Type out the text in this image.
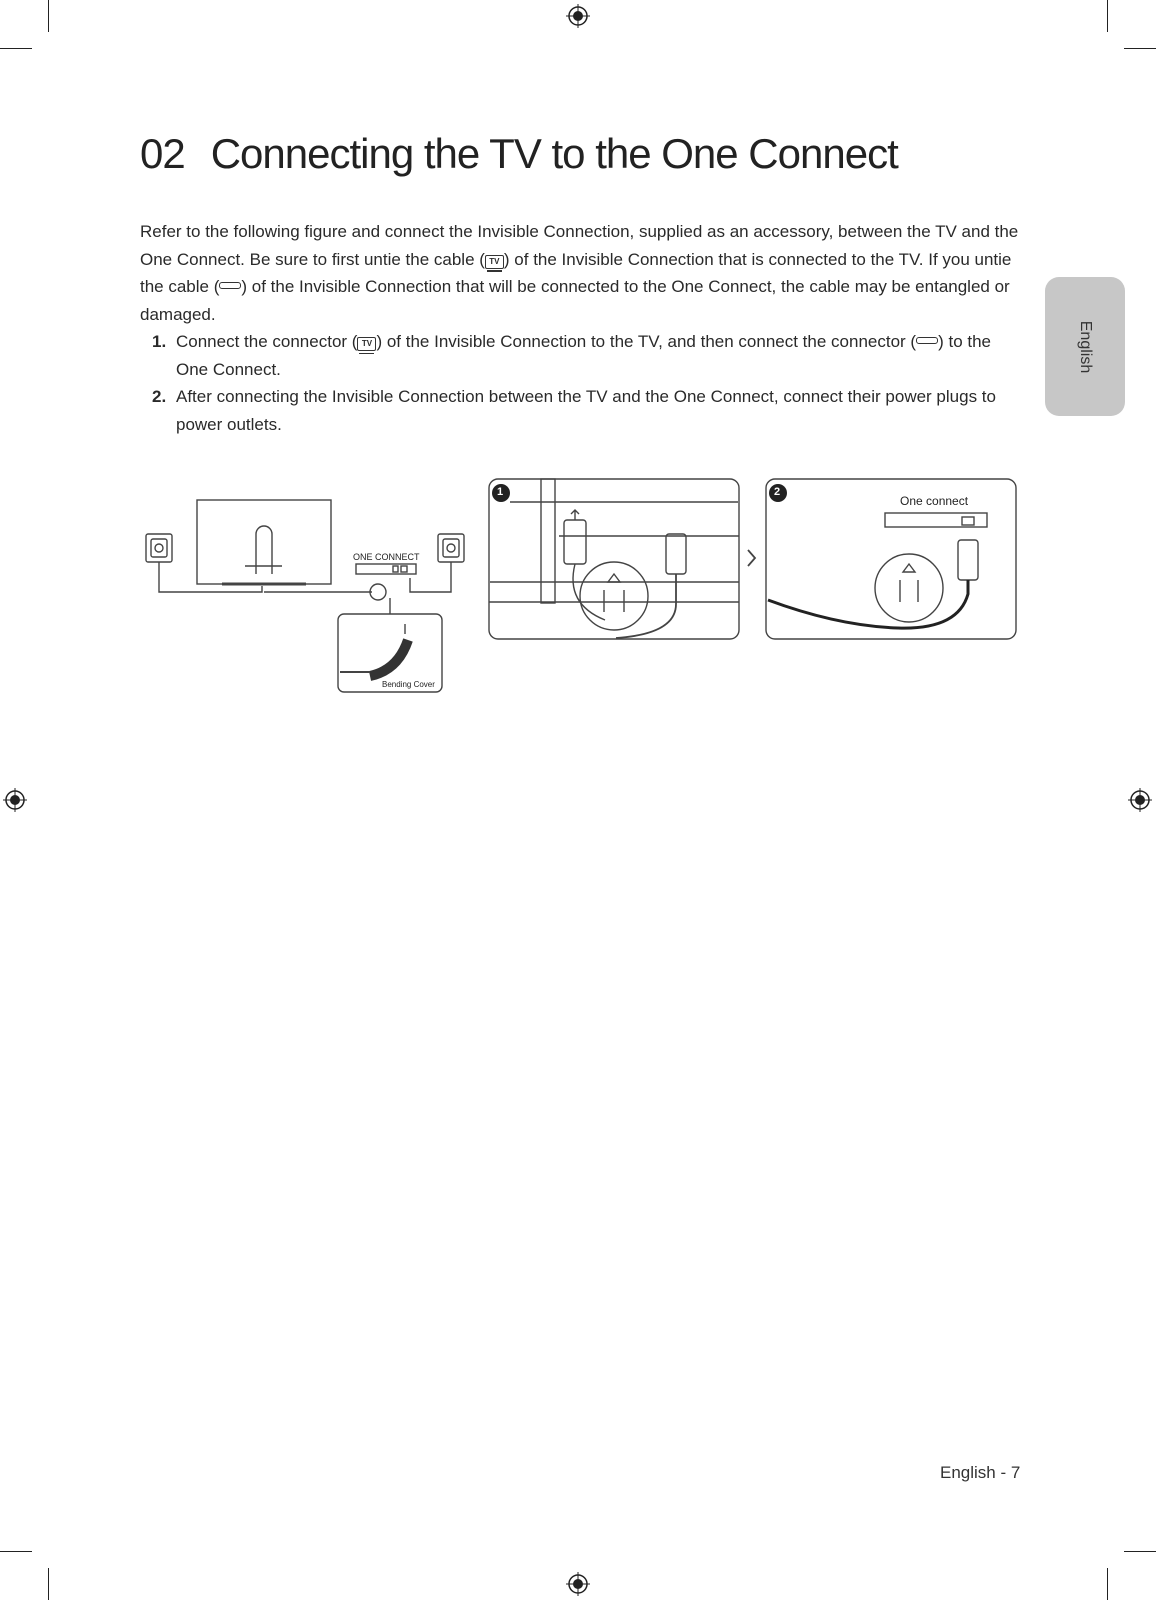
English
02 Connecting the TV to the One Connect

Refer to the following figure and connect the Invisible Connection, supplied as an accessory, between the TV and the One Connect. Be sure to first untie the cable ( TV ) of the Invisible Connection that is connected to the TV. If you untie the cable ( ) of the Invisible Connection that will be connected to the One Connect, the cable may be entangled or damaged.

1. Connect the connector ( TV ) of the Invisible Connection to the TV, and then connect the connector ( ) to the One Connect.
2. After connecting the Invisible Connection between the TV and the One Connect, connect their power plugs to power outlets.
ONE CONNECT
Bending Cover
1	2
One connect
English - 7
